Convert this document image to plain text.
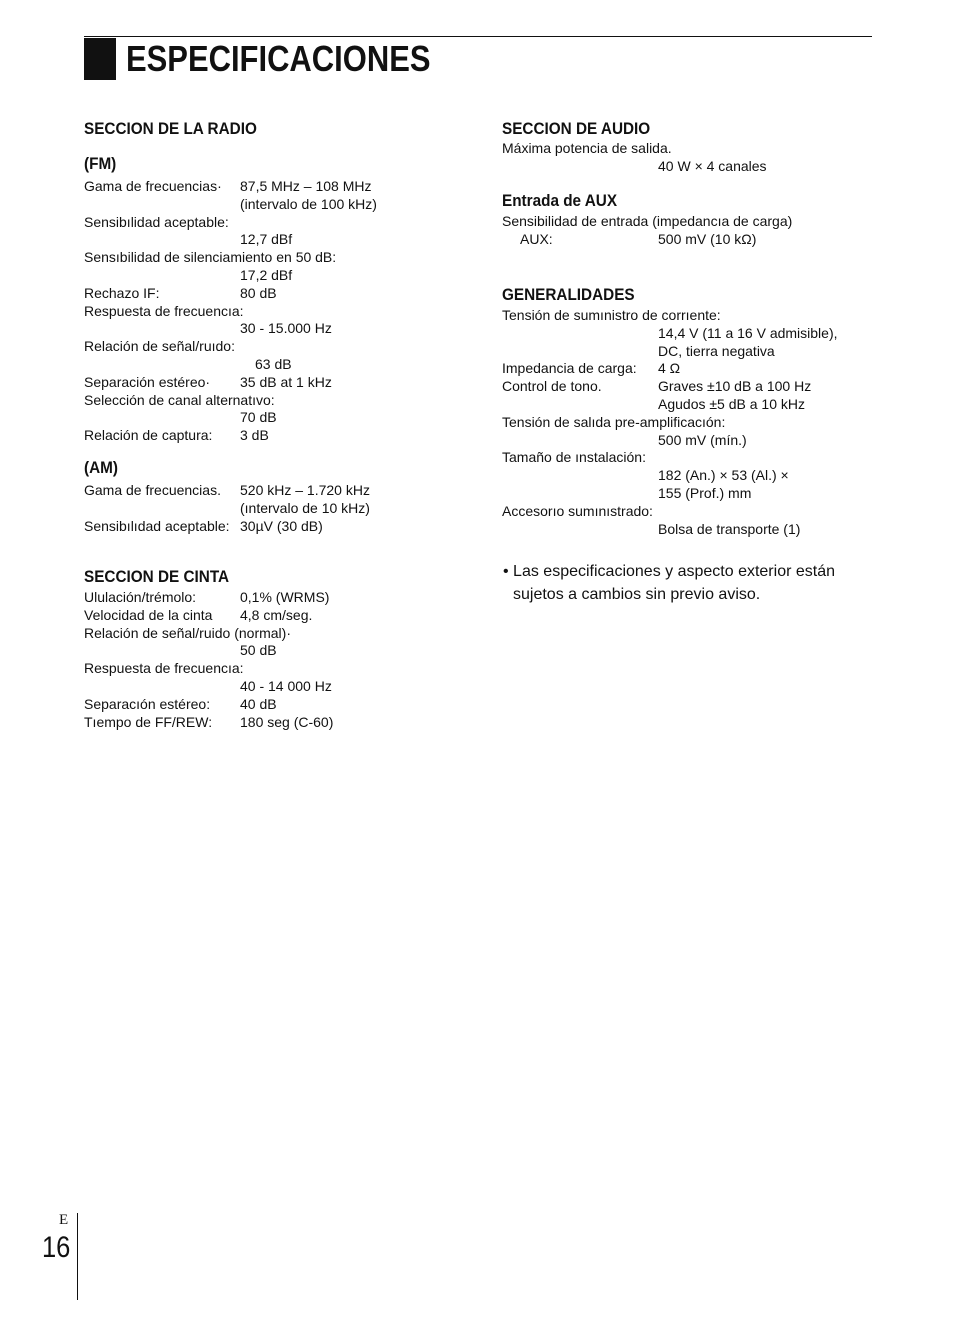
ESPECIFICACIONES
SECCION DE LA RADIO
(FM)
(AM)
SECCION DE CINTA
SECCION DE AUDIO
Entrada de AUX
GENERALIDADES
• Las especificaciones y aspecto exterior están
sujetos a cambios sin previo aviso.
E
16
Gama de frecuencias· 87,5 MHz – 108 MHz
(intervalo de 100 kHz)
Sensibılidad aceptable:
12,7 dBf
Sensıbilidad de silenciamiento en 50 dB:
17,2 dBf
Rechazo IF:	80 dB
Respuesta de frecuencıa:
30 - 15.000 Hz
Relación de señal/ruıdo:
63 dB
Separación estéreo· 35 dB at 1 kHz
Selección de canal alternatıvo:
70 dB
Relación de captura: 3 dB
Gama de frecuencias. 520 kHz – 1.720 kHz
(ıntervalo de 10 kHz)
Sensibılıdad aceptable: 30µV (30 dB)
Ululación/trémolo:	0,1% (WRMS)
Velocidad de la cinta 4,8 cm/seg.
Relación de señal/ruido (normal)·
50 dB
Respuesta de frecuencıa:
40 - 14 000 Hz
Separacıón estéreo: 40 dB
Tıempo de FF/REW: 180 seg (C-60)
Máxima potencia de salida.
40 W × 4 canales
Sensibilidad de entrada (impedancıa de carga)
AUX:	500 mV (10 kΩ)
Tensión de sumınistro de corrıente:
14,4 V (11 a 16 V admisible),
DC, tierra negativa
Impedancia de carga: 4 Ω
Control de tono.	Graves ±10 dB a 100 Hz
Agudos ±5 dB a 10 kHz
Tensión de salıda pre-amplificacıón:
500 mV (mín.)
Tamaño de ınstalación:
182 (An.) × 53 (Al.) ×
155 (Prof.) mm
Accesorıo sumınıstrado:
Bolsa de transporte (1)
